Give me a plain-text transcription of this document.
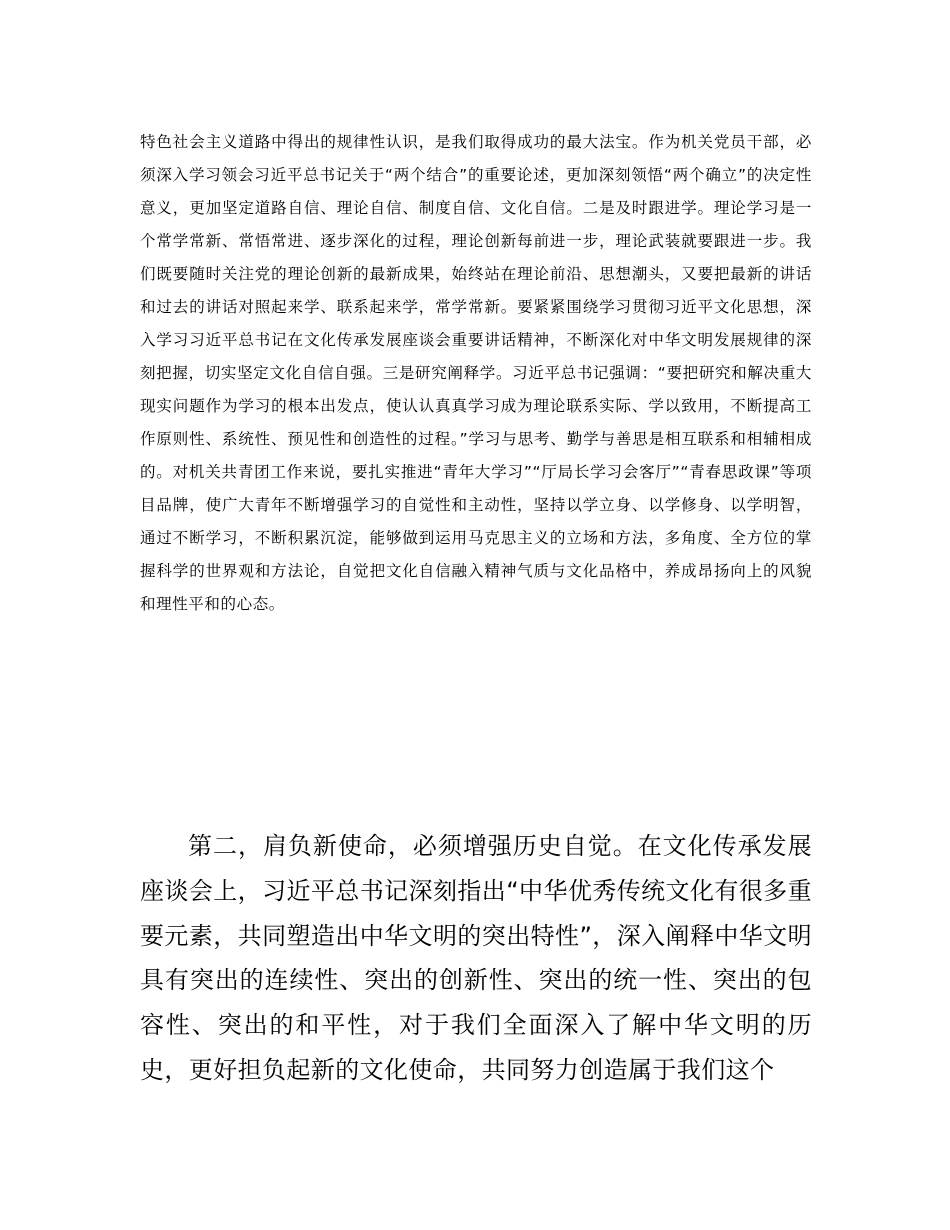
特色社会主义道路中得出的规律性认识，是我们取得成功的最大法宝。作为机关党员干部，必须深入学习领会习近平总书记关于“两个结合”的重要论述，更加深刻领悟“两个确立”的决定性意义，更加坚定道路自信、理论自信、制度自信、文化自信。二是及时跟进学。理论学习是一个常学常新、常悟常进、逐步深化的过程，理论创新每前进一步，理论武装就要跟进一步。我们既要随时关注党的理论创新的最新成果，始终站在理论前沿、思想潮头，又要把最新的讲话和过去的讲话对照起来学、联系起来学，常学常新。要紧紧围绕学习贯彻习近平文化思想，深入学习习近平总书记在文化传承发展座谈会重要讲话精神，不断深化对中华文明发展规律的深刻把握，切实坚定文化自信自强。三是研究阐释学。习近平总书记强调：“要把研究和解决重大现实问题作为学习的根本出发点，使认认真真学习成为理论联系实际、学以致用，不断提高工作原则性、系统性、预见性和创造性的过程。”学习与思考、勤学与善思是相互联系和相辅相成的。对机关共青团工作来说，要扎实推进“青年大学习”“厅局长学习会客厅”“青春思政课”等项目品牌，使广大青年不断增强学习的自觉性和主动性，坚持以学立身、以学修身、以学明智，通过不断学习，不断积累沉淀，能够做到运用马克思主义的立场和方法，多角度、全方位的掌握科学的世界观和方法论，自觉把文化自信融入精神气质与文化品格中，养成昂扬向上的风貌和理性平和的心态。

第二，肩负新使命，必须增强历史自觉。在文化传承发展座谈会上，习近平总书记深刻指出“中华优秀传统文化有很多重要元素，共同塑造出中华文明的突出特性”，深入阐释中华文明具有突出的连续性、突出的创新性、突出的统一性、突出的包容性、突出的和平性，对于我们全面深入了解中华文明的历史，更好担负起新的文化使命，共同努力创造属于我们这个
